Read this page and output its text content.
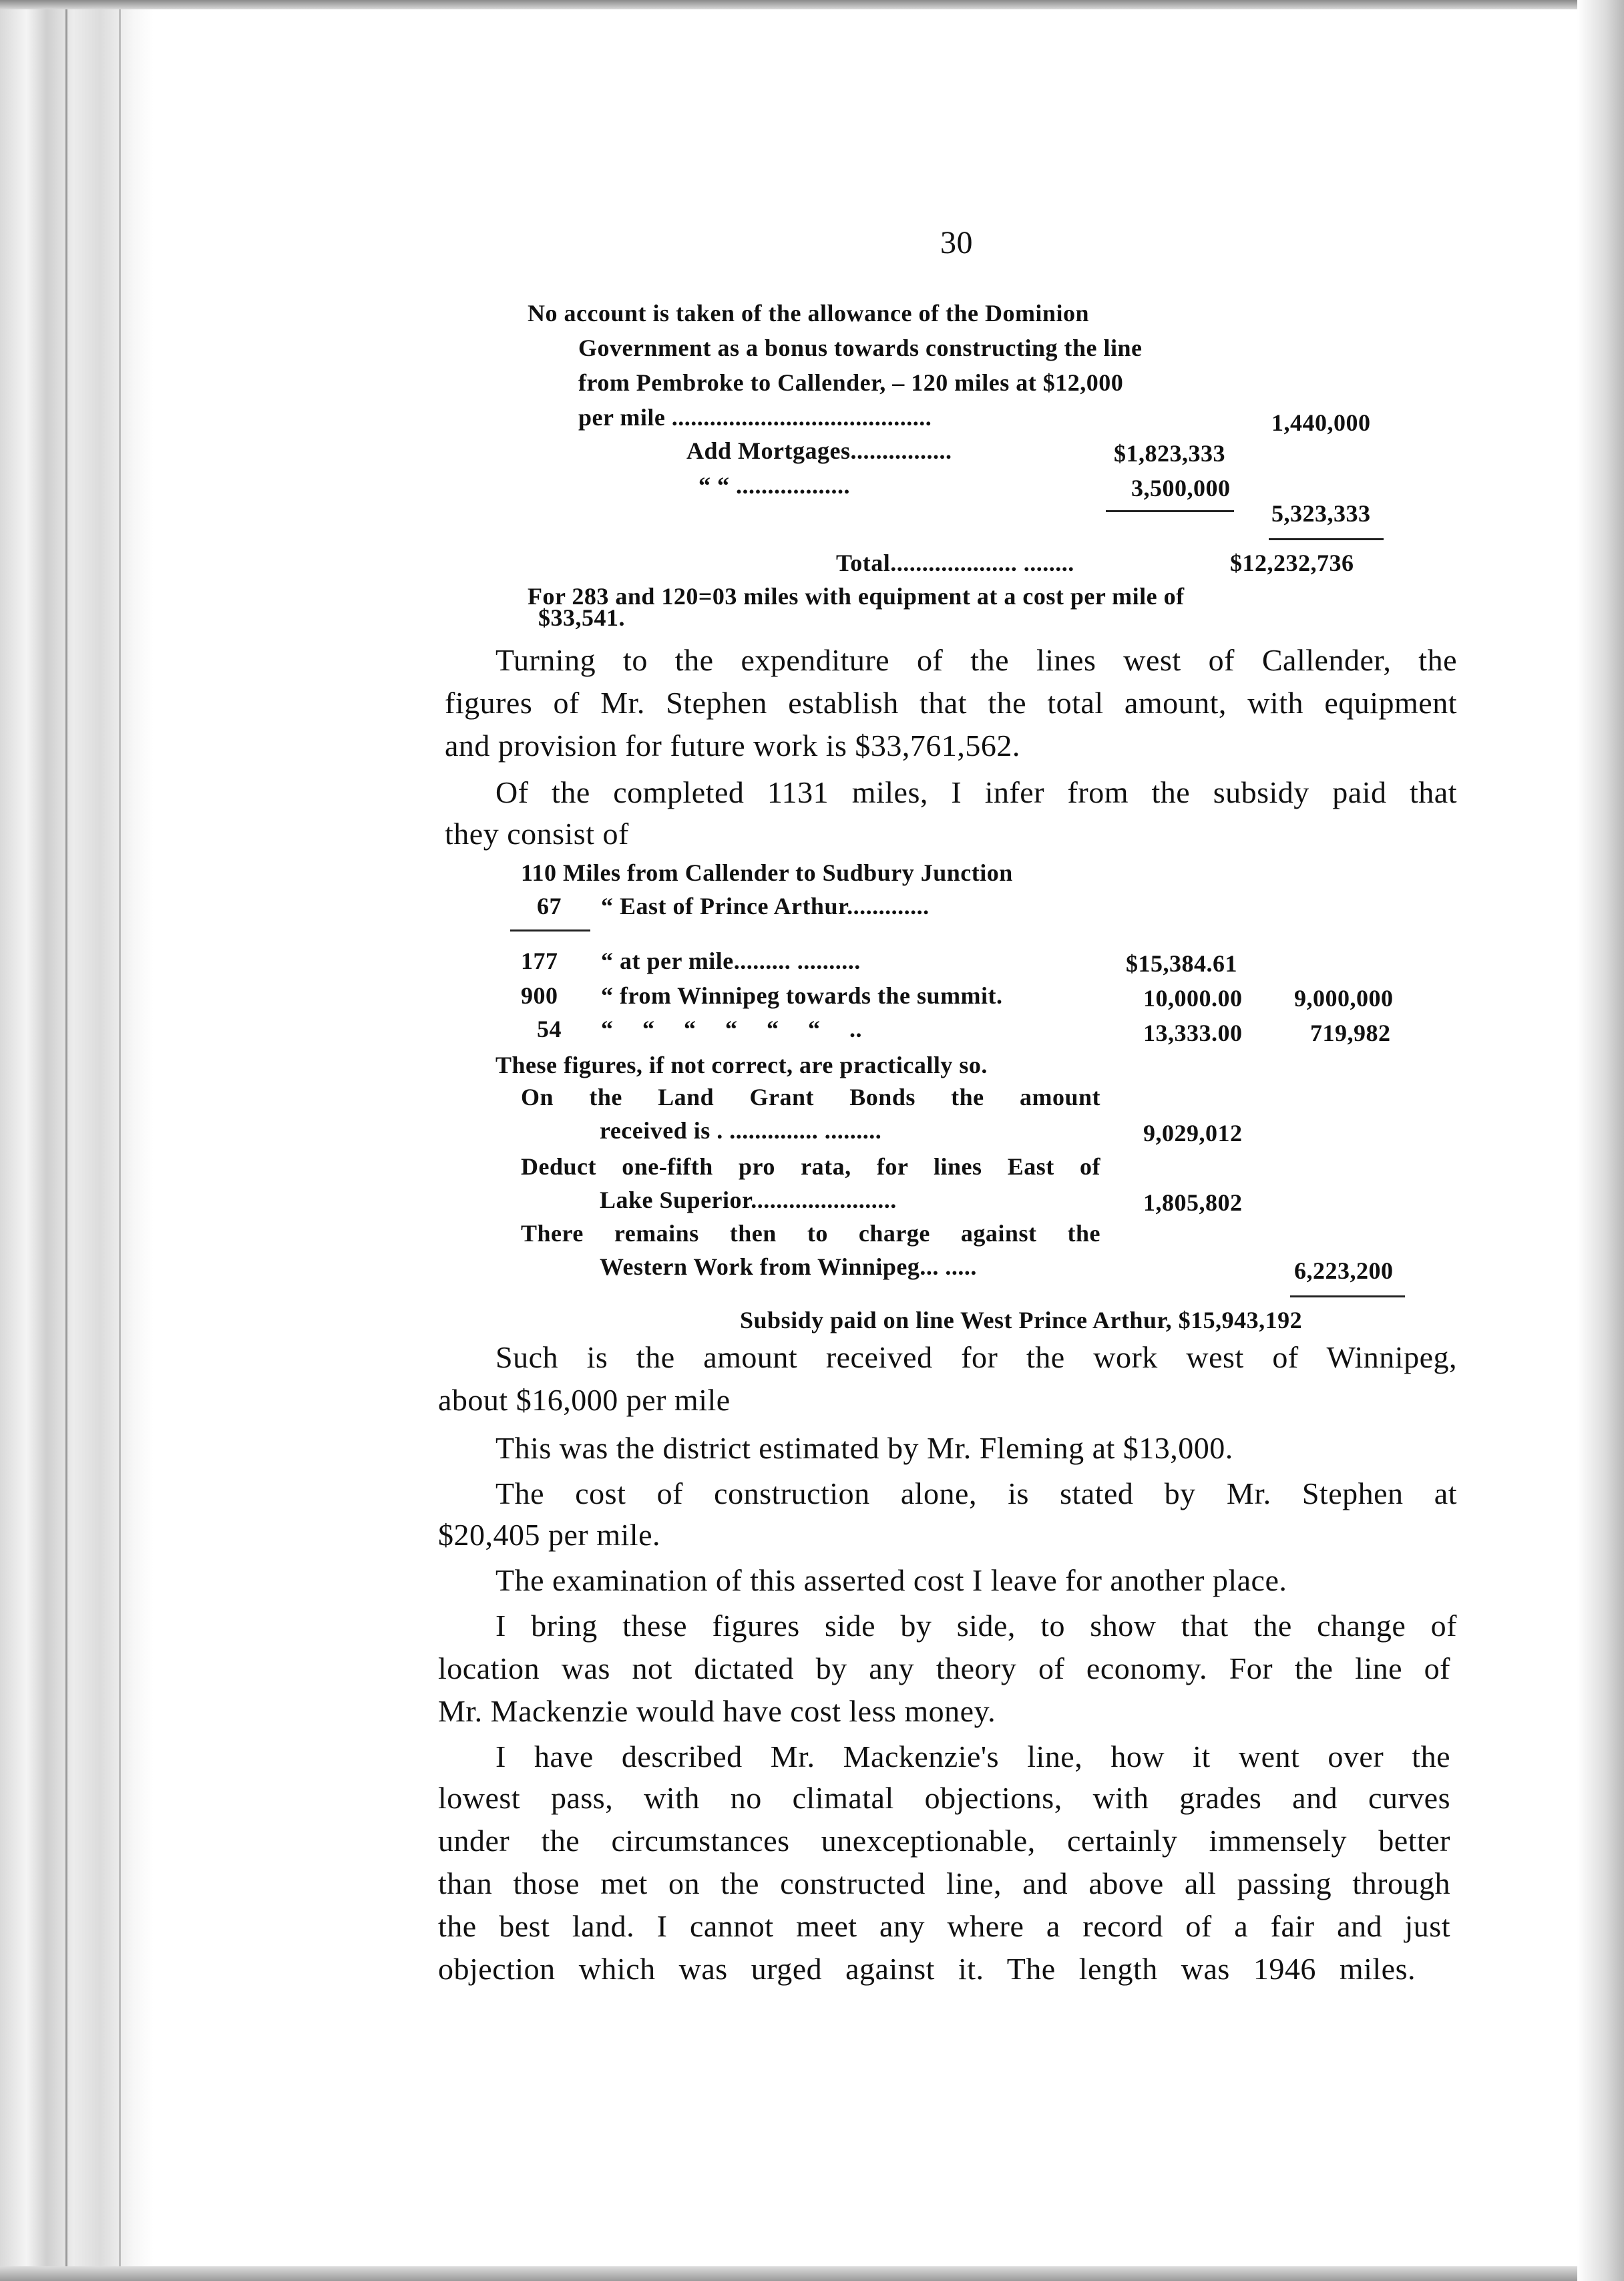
30
No account is taken of the allowance of the Dominion
Government as a bonus towards constructing the line
from Pembroke to Callender, – 120 miles at $12,000
per mile .........................................	1,440,000
Add Mortgages................	$1,823,333
“ “ ..................	3,500,000
5,323,333
Total.................... ........	$12,232,736
For 283 and 120=03 miles with equipment at a cost per mile of
$33,541.
Turning to the expenditure of the lines west of Callender, the
figures of Mr. Stephen establish that the total amount, with equipment
and provision for future work is $33,761,562.
Of the completed 1131 miles, I infer from the subsidy paid that
they consist of
110 Miles from Callender to Sudbury Junction
67 “ East of Prince Arthur.............
177 “ at per mile......... ..........	$15,384.61
900 “ from Winnipeg towards the summit.	10,000.00 9,000,000
54 “ “ “ “ “ “ ..	13,333.00	719,982
These figures, if not correct, are practically so.
On the Land Grant Bonds the amount
received is . .............. .........	9,029,012
Deduct one-fifth pro rata, for lines East of
Lake Superior.......................	1,805,802
There remains then to charge against the
Western Work from Winnipeg... .....	6,223,200
Subsidy paid on line West Prince Arthur, $15,943,192
Such is the amount received for the work west of Winnipeg,
about $16,000 per mile
This was the district estimated by Mr. Fleming at $13,000.
The cost of construction alone, is stated by Mr. Stephen at
$20,405 per mile.
The examination of this asserted cost I leave for another place.
I bring these figures side by side, to show that the change of
location was not dictated by any theory of economy. For the line of
Mr. Mackenzie would have cost less money.
I have described Mr. Mackenzie's line, how it went over the
lowest pass, with no climatal objections, with grades and curves
under the circumstances unexceptionable, certainly immensely better
than those met on the constructed line, and above all passing through
the best land. I cannot meet any where a record of a fair and just
objection which was urged against it. The length was 1946 miles.
